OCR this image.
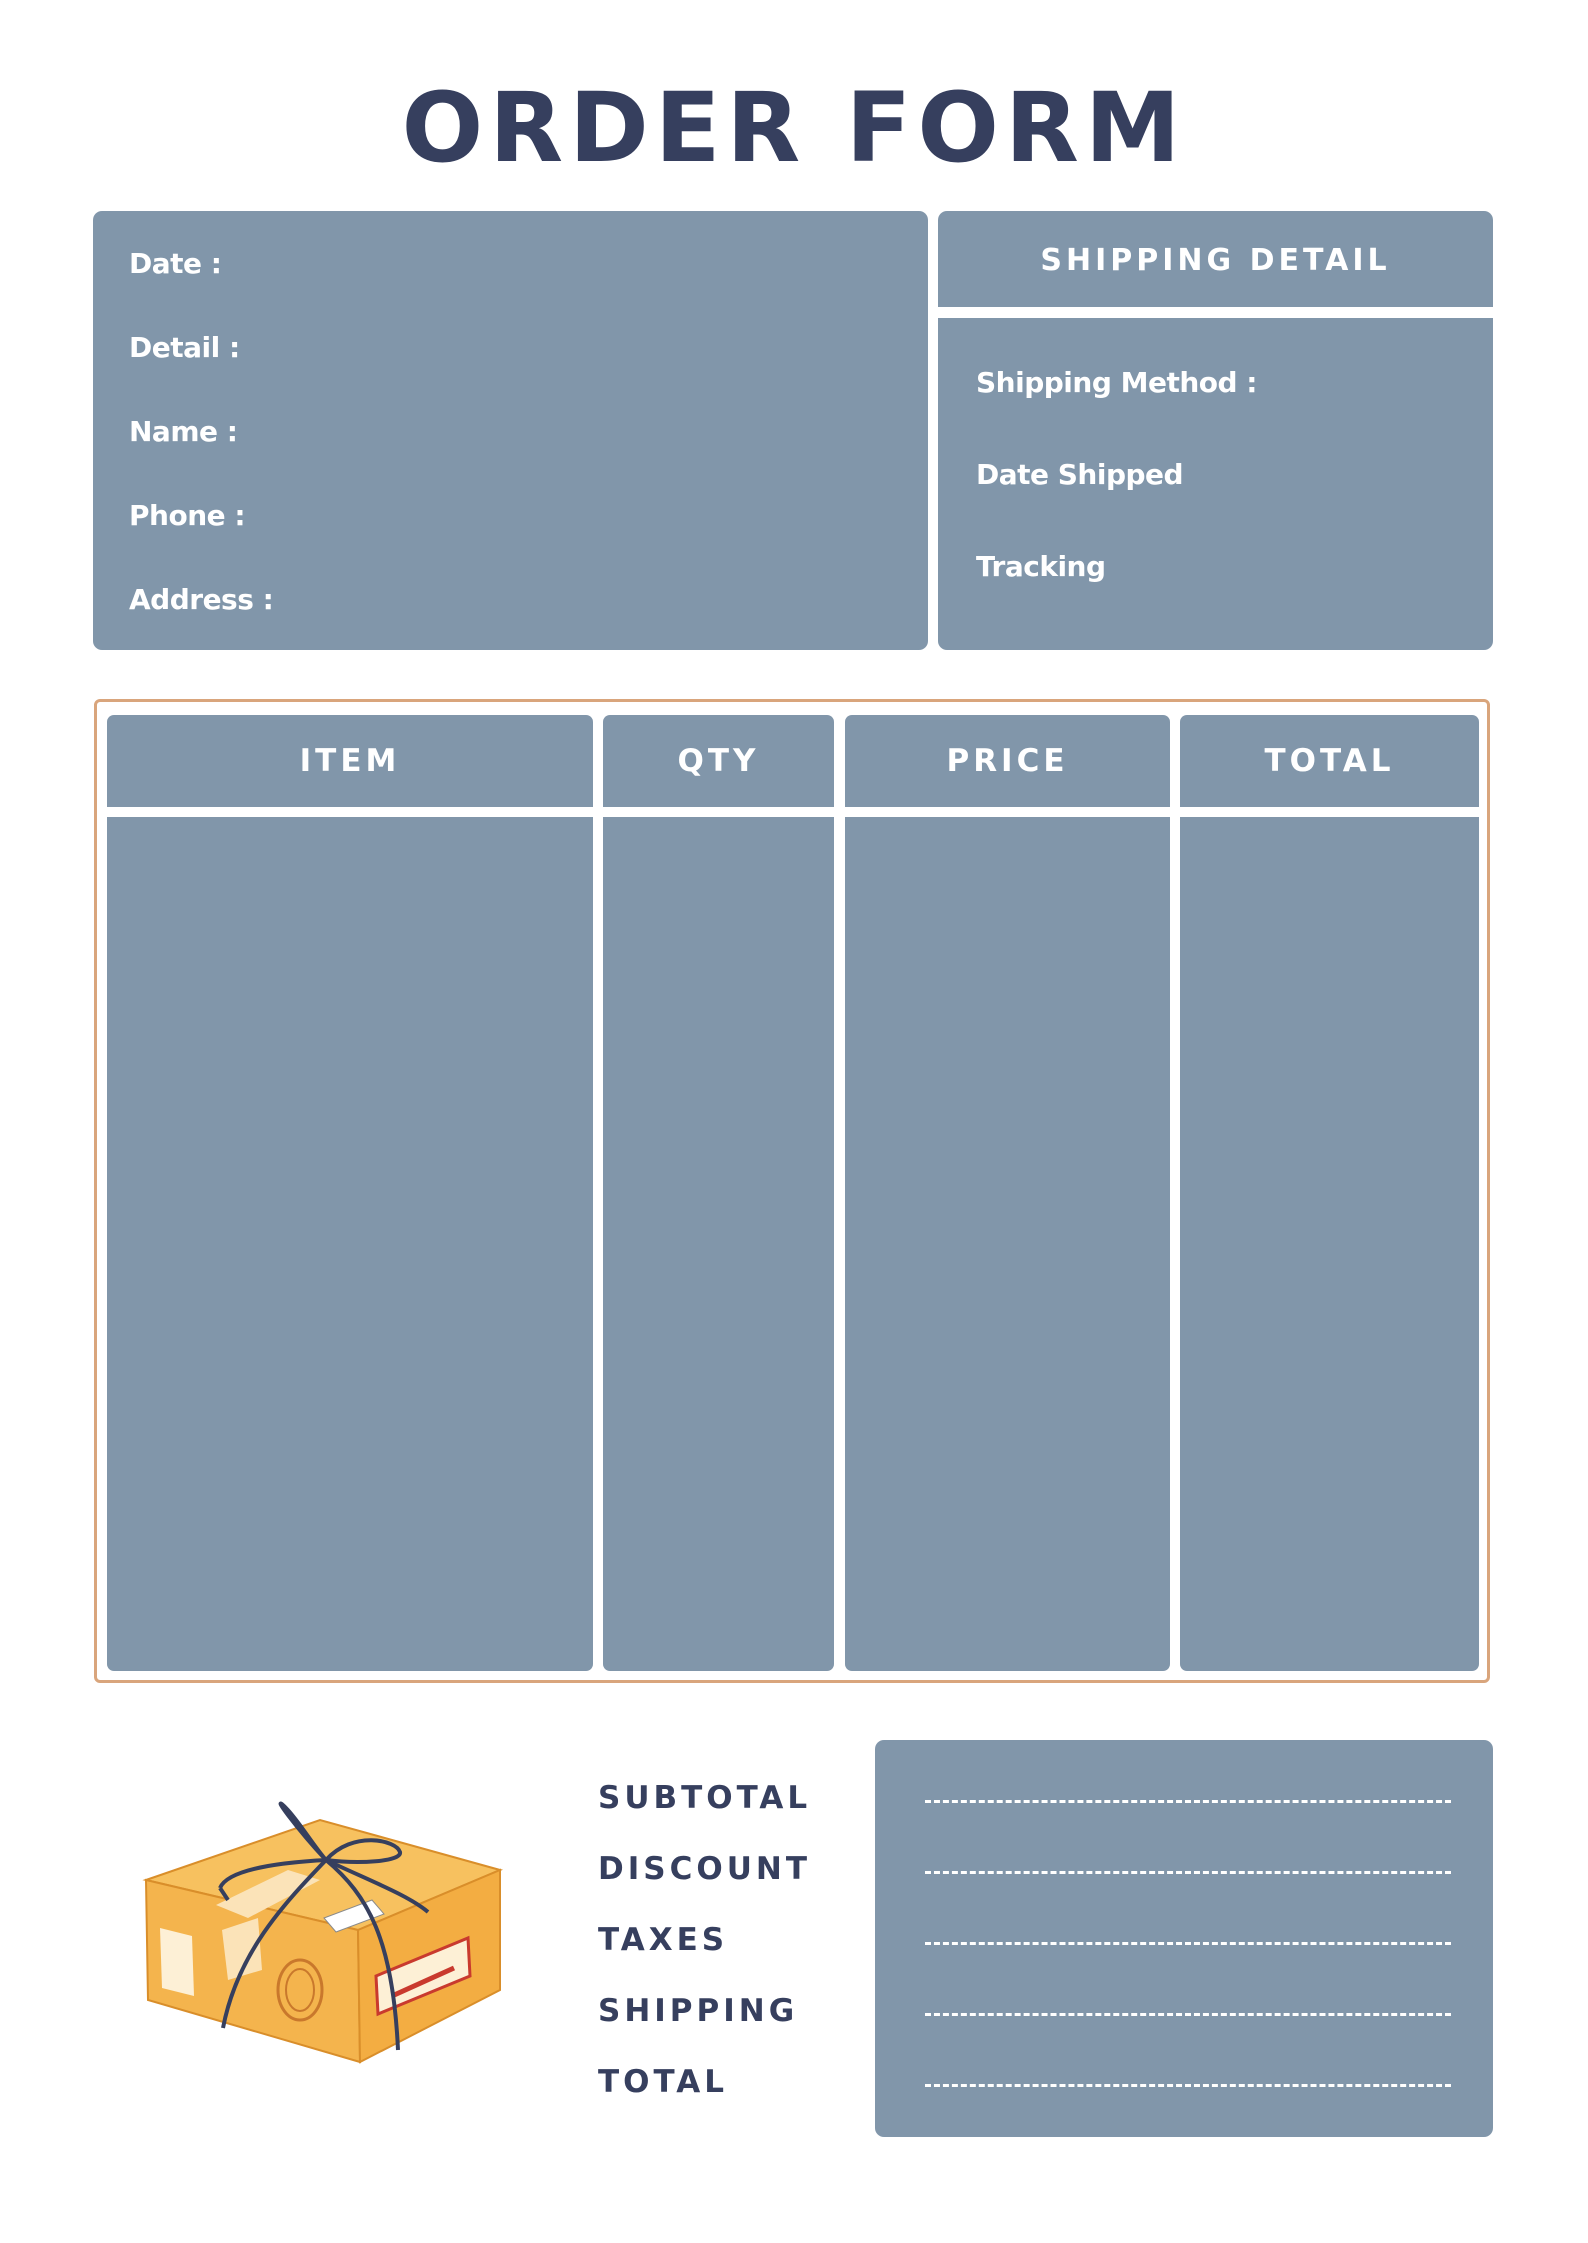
ORDER FORM
Date :
Detail :
Name :
Phone :
Address :
SHIPPING DETAIL
Shipping Method :
Date Shipped
Tracking
ITEM	QTY	PRICE	TOTAL
SUBTOTAL
DISCOUNT
TAXES
SHIPPING
TOTAL
